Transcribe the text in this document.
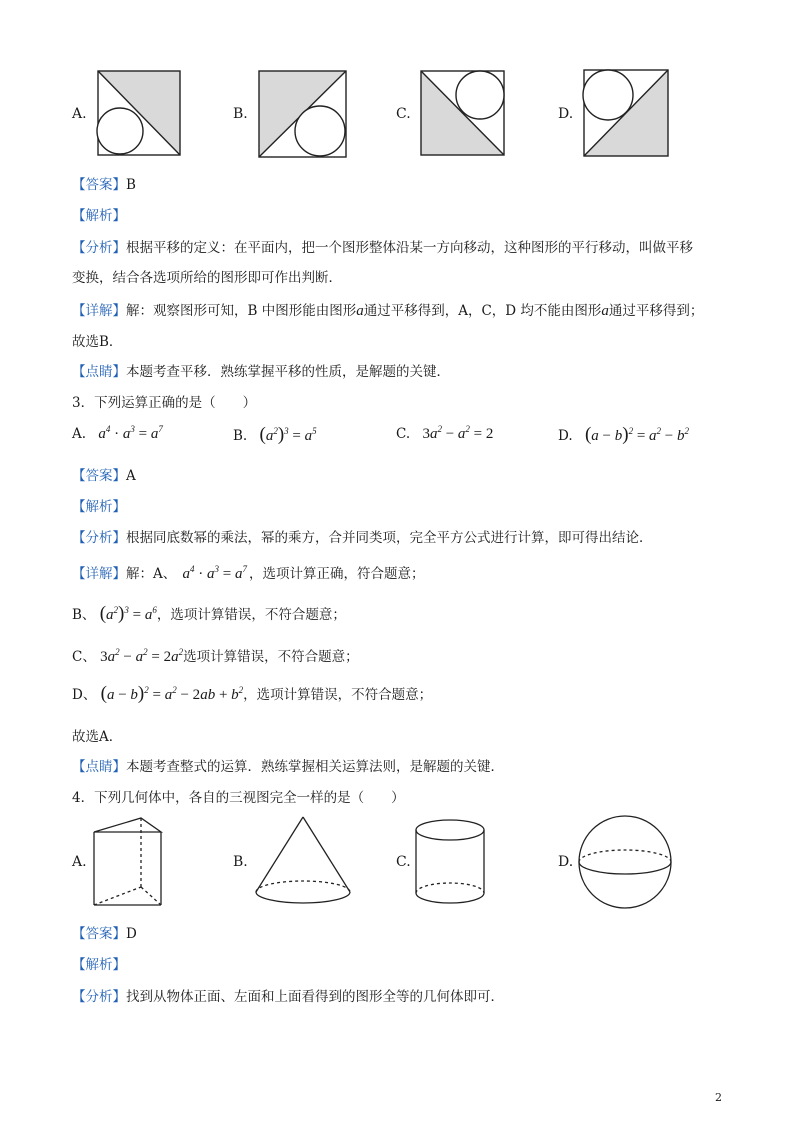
A.	B.	C.	D.
【答案】B
【解析】
【分析】根据平移的定义：在平面内，把一个图形整体沿某一方向移动，这种图形的平行移动，叫做平移
变换，结合各选项所给的图形即可作出判断．
【详解】解：观察图形可知，B 中图形能由图形a通过平移得到，A，C，D 均不能由图形a通过平移得到；
故选B．
【点睛】本题考查平移．熟练掌握平移的性质，是解题的关键．
3．下列运算正确的是（　　）
A. $a^4 \cdot a^3 = a^7$	B. $(a^2)^3 = a^5$	C. $3a^2 - a^2 = 2$	D. $(a - b)^2 = a^2 - b^2$
【答案】A
【解析】
【分析】根据同底数幂的乘法，幂的乘方，合并同类项，完全平方公式进行计算，即可得出结论．
【详解】解：A、 $a^4 \cdot a^3 = a^7$ ，选项计算正确，符合题意；
B、 $(a^2)^3 = a^6$，选项计算错误，不符合题意；
C、 $3a^2 - a^2 = 2a^2$选项计算错误，不符合题意；
D、 $(a - b)^2 = a^2 - 2ab + b^2$，选项计算错误，不符合题意；
故选A．
【点睛】本题考查整式的运算．熟练掌握相关运算法则，是解题的关键．
4．下列几何体中，各自的三视图完全一样的是（　　）
A.	B.	C.	D.
【答案】D
【解析】
【分析】找到从物体正面、左面和上面看得到的图形全等的几何体即可．
2
